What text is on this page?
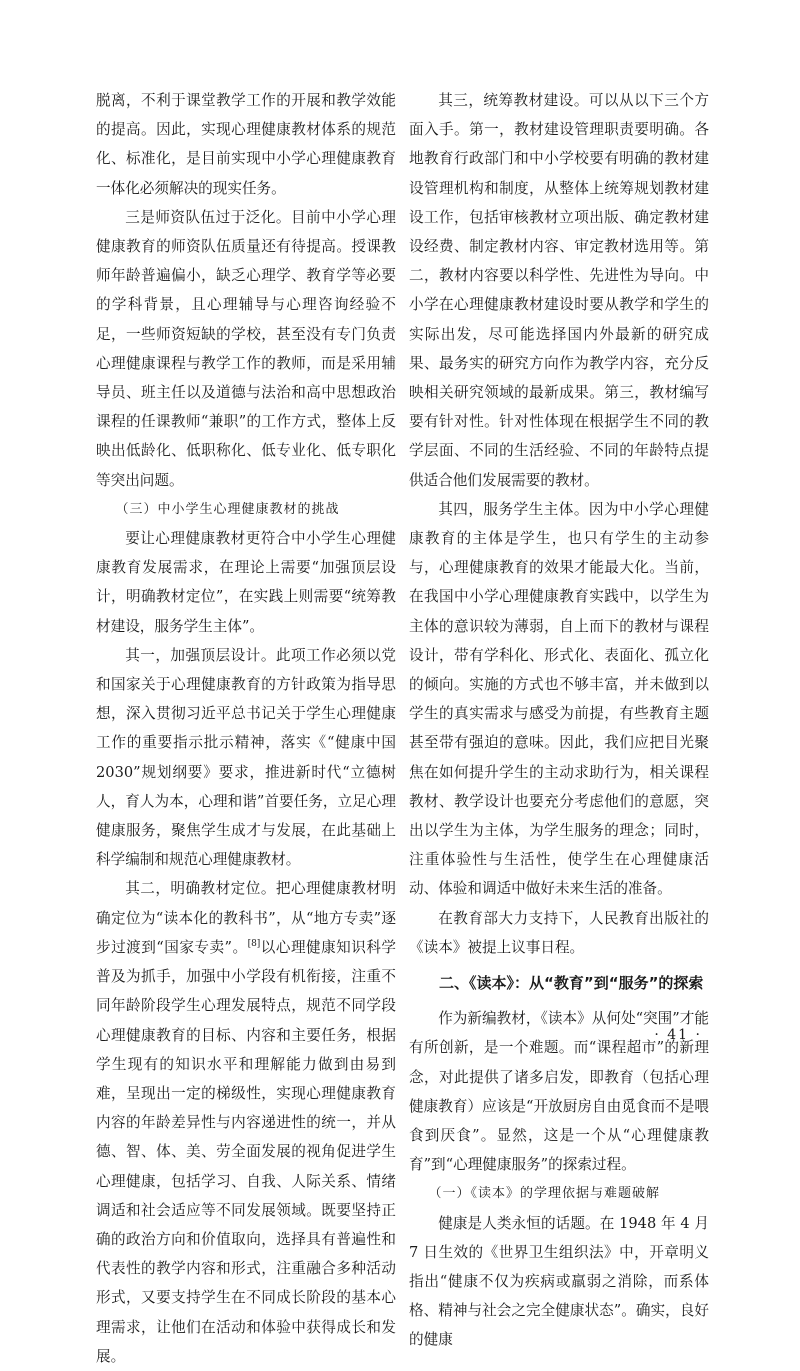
脱离，不利于课堂教学工作的开展和教学效能的提高。因此，实现心理健康教材体系的规范化、标准化，是目前实现中小学心理健康教育一体化必须解决的现实任务。

三是师资队伍过于泛化。目前中小学心理健康教育的师资队伍质量还有待提高。授课教师年龄普遍偏小，缺乏心理学、教育学等必要的学科背景，且心理辅导与心理咨询经验不足，一些师资短缺的学校，甚至没有专门负责心理健康课程与教学工作的教师，而是采用辅导员、班主任以及道德与法治和高中思想政治课程的任课教师“兼职”的工作方式，整体上反映出低龄化、低职称化、低专业化、低专职化等突出问题。

（三）中小学生心理健康教材的挑战

要让心理健康教材更符合中小学生心理健康教育发展需求，在理论上需要“加强顶层设计，明确教材定位”，在实践上则需要“统筹教材建设，服务学生主体”。

其一，加强顶层设计。此项工作必须以党和国家关于心理健康教育的方针政策为指导思想，深入贯彻习近平总书记关于学生心理健康工作的重要指示批示精神，落实《“健康中国 2030”规划纲要》要求，推进新时代“立德树人，育人为本，心理和谐”首要任务，立足心理健康服务，聚焦学生成才与发展，在此基础上科学编制和规范心理健康教材。

其二，明确教材定位。把心理健康教材明确定位为“读本化的教科书”，从“地方专卖”逐步过渡到“国家专卖”。[8]以心理健康知识科学普及为抓手，加强中小学段有机衔接，注重不同年龄阶段学生心理发展特点，规范不同学段心理健康教育的目标、内容和主要任务，根据学生现有的知识水平和理解能力做到由易到难，呈现出一定的梯级性，实现心理健康教育内容的年龄差异性与内容递进性的统一，并从德、智、体、美、劳全面发展的视角促进学生心理健康，包括学习、自我、人际关系、情绪调适和社会适应等不同发展领域。既要坚持正确的政治方向和价值取向，选择具有普遍性和代表性的教学内容和形式，注重融合多种活动形式，又要支持学生在不同成长阶段的基本心理需求，让他们在活动和体验中获得成长和发展。

其三，统筹教材建设。可以从以下三个方面入手。第一，教材建设管理职责要明确。各地教育行政部门和中小学校要有明确的教材建设管理机构和制度，从整体上统筹规划教材建设工作，包括审核教材立项出版、确定教材建设经费、制定教材内容、审定教材选用等。第二，教材内容要以科学性、先进性为导向。中小学在心理健康教材建设时要从教学和学生的实际出发，尽可能选择国内外最新的研究成果、最务实的研究方向作为教学内容，充分反映相关研究领域的最新成果。第三，教材编写要有针对性。针对性体现在根据学生不同的教学层面、不同的生活经验、不同的年龄特点提供适合他们发展需要的教材。

其四，服务学生主体。因为中小学心理健康教育的主体是学生，也只有学生的主动参与，心理健康教育的效果才能最大化。当前，在我国中小学心理健康教育实践中，以学生为主体的意识较为薄弱，自上而下的教材与课程设计，带有学科化、形式化、表面化、孤立化的倾向。实施的方式也不够丰富，并未做到以学生的真实需求与感受为前提，有些教育主题甚至带有强迫的意味。因此，我们应把目光聚焦在如何提升学生的主动求助行为，相关课程教材、教学设计也要充分考虑他们的意愿，突出以学生为主体，为学生服务的理念；同时，注重体验性与生活性，使学生在心理健康活动、体验和调适中做好未来生活的准备。

在教育部大力支持下，人民教育出版社的《读本》被提上议事日程。

二、《读本》：从“教育”到“服务”的探索

作为新编教材，《读本》从何处“突围”才能有所创新，是一个难题。而“课程超市”的新理念，对此提供了诸多启发，即教育（包括心理健康教育）应该是“开放厨房自由觅食而不是喂食到厌食”。显然，这是一个从“心理健康教育”到“心理健康服务”的探索过程。

（一）《读本》的学理依据与难题破解

健康是人类永恒的话题。在 1948 年 4 月 7 日生效的《世界卫生组织法》中，开章明义指出“健康不仅为疾病或羸弱之消除，而系体格、精神与社会之完全健康状态”。确实，良好的健康

· 41 ·
